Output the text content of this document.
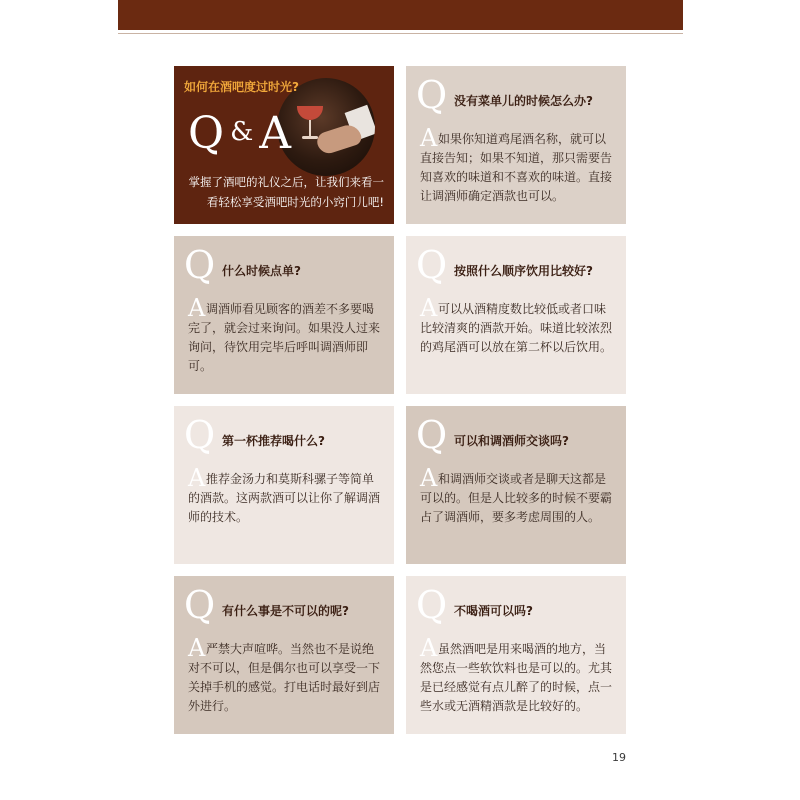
如何在酒吧度过时光?
Q &A
掌握了酒吧的礼仪之后，让我们来看一看轻松享受酒吧时光的小窍门儿吧!
Q 没有菜单儿的时候怎么办?
A 如果你知道鸡尾酒名称，就可以直接告知；如果不知道，那只需要告知喜欢的味道和不喜欢的味道。直接让调酒师确定酒款也可以。
Q 什么时候点单?
A 调酒师看见顾客的酒差不多要喝完了，就会过来询问。如果没人过来询问，待饮用完毕后呼叫调酒师即可。
Q 按照什么顺序饮用比较好?
A 可以从酒精度数比较低或者口味比较清爽的酒款开始。味道比较浓烈的鸡尾酒可以放在第二杯以后饮用。
Q 第一杯推荐喝什么?
A 推荐金汤力和莫斯科骡子等简单的酒款。这两款酒可以让你了解调酒师的技术。
Q 可以和调酒师交谈吗?
A 和调酒师交谈或者是聊天这都是可以的。但是人比较多的时候不要霸占了调酒师，要多考虑周围的人。
Q 有什么事是不可以的呢?
A 严禁大声喧哗。当然也不是说绝对不可以，但是偶尔也可以享受一下关掉手机的感觉。打电话时最好到店外进行。
Q 不喝酒可以吗?
A 虽然酒吧是用来喝酒的地方，当然您点一些软饮料也是可以的。尤其是已经感觉有点儿醉了的时候，点一些水或无酒精酒款是比较好的。
19
